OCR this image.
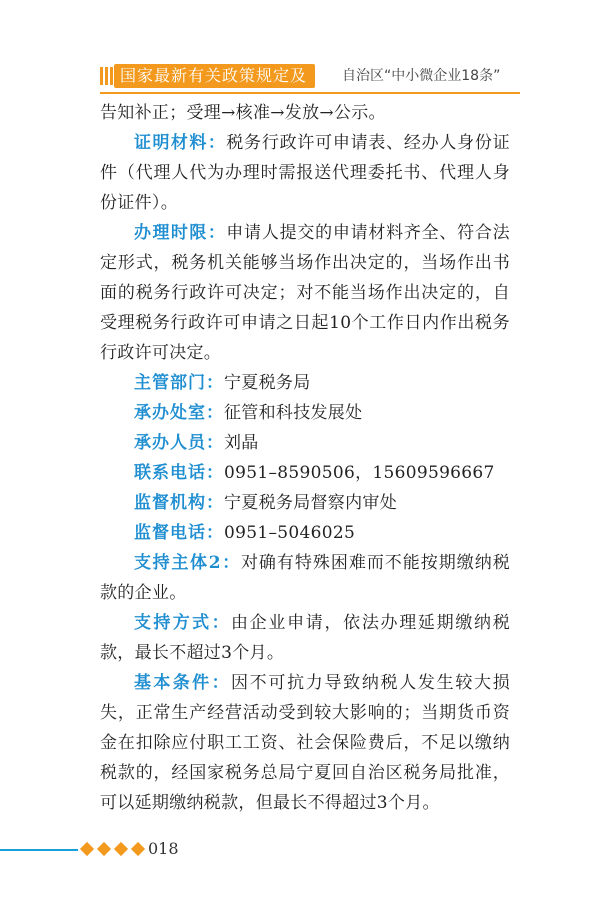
国家最新有关政策规定及	自治区“中小微企业18条”

告知补正；受理→核准→发放→公示。

证明材料：税务行政许可申请表、经办人身份证件（代理人代为办理时需报送代理委托书、代理人身份证件）。

办理时限：申请人提交的申请材料齐全、符合法定形式，税务机关能够当场作出决定的，当场作出书面的税务行政许可决定；对不能当场作出决定的，自受理税务行政许可申请之日起10个工作日内作出税务行政许可决定。

主管部门：宁夏税务局

承办处室：征管和科技发展处

承办人员：刘晶

联系电话：0951–8590506，15609596667

监督机构：宁夏税务局督察内审处

监督电话：0951–5046025

支持主体2：对确有特殊困难而不能按期缴纳税款的企业。

支持方式：由企业申请，依法办理延期缴纳税款，最长不超过3个月。

基本条件：因不可抗力导致纳税人发生较大损失，正常生产经营活动受到较大影响的；当期货币资金在扣除应付职工工资、社会保险费后，不足以缴纳税款的，经国家税务总局宁夏回自治区税务局批准，可以延期缴纳税款，但最长不得超过3个月。

018
